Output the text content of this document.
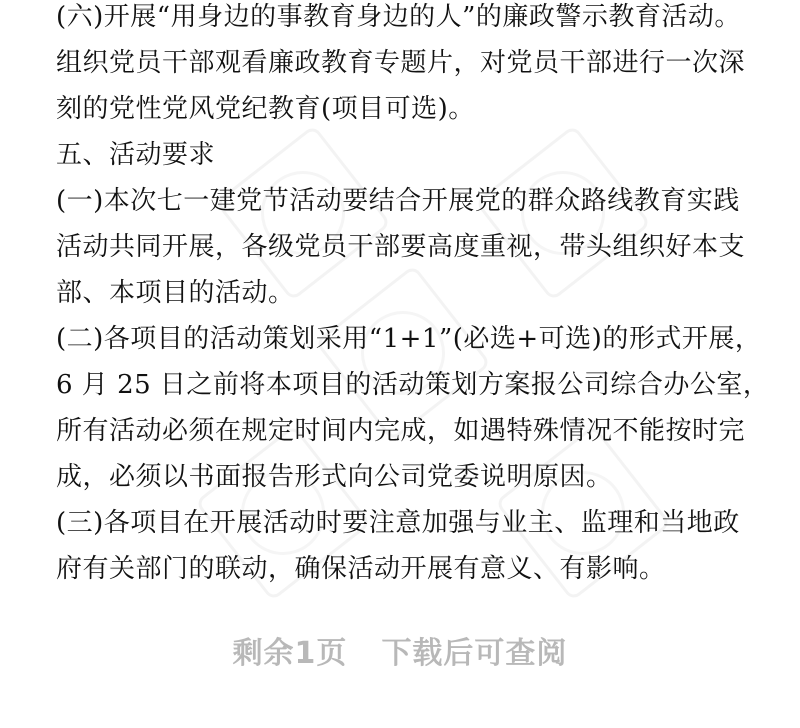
(六)开展“用身边的事教育身边的人”的廉政警示教育活动。
组织党员干部观看廉政教育专题片，对党员干部进行一次深
刻的党性党风党纪教育(项目可选)。
五、活动要求
(一)本次七一建党节活动要结合开展党的群众路线教育实践
活动共同开展，各级党员干部要高度重视，带头组织好本支
部、本项目的活动。
(二)各项目的活动策划采用“1+1”(必选+可选)的形式开展，
6 月 25 日之前将本项目的活动策划方案报公司综合办公室，
所有活动必须在规定时间内完成，如遇特殊情况不能按时完
成，必须以书面报告形式向公司党委说明原因。
(三)各项目在开展活动时要注意加强与业主、监理和当地政
府有关部门的联动，确保活动开展有意义、有影响。
剩余1页 下载后可查阅
